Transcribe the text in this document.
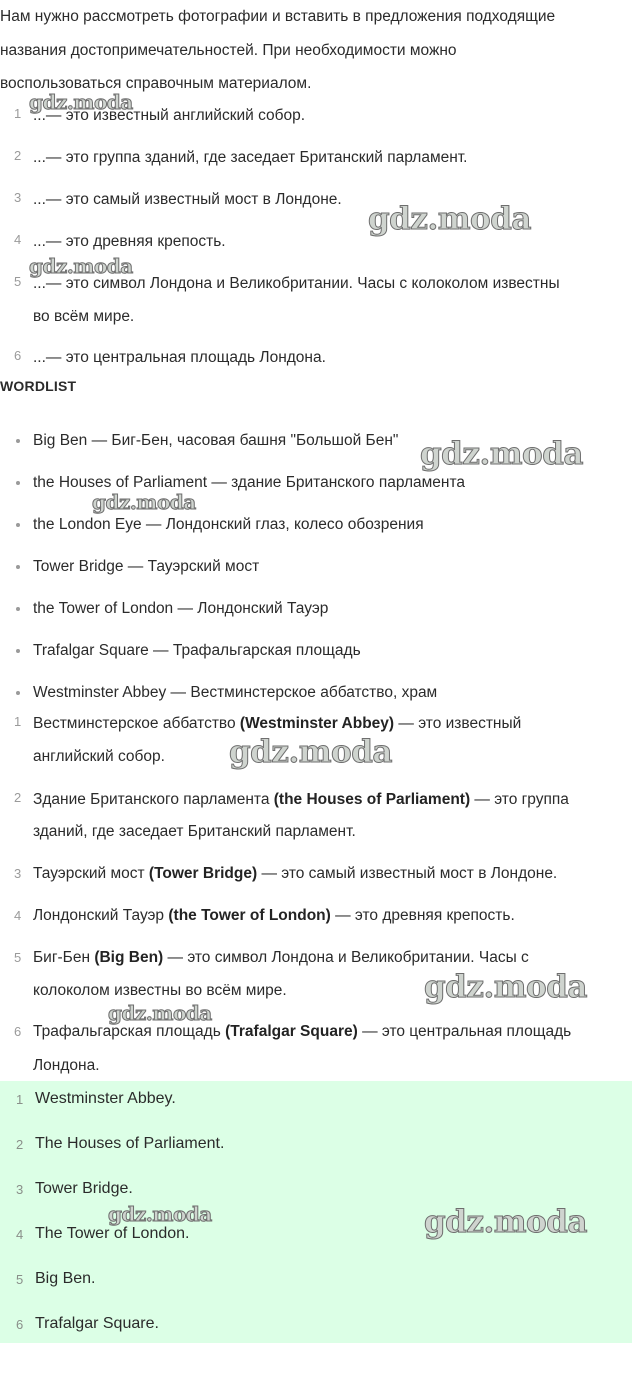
Нам нужно рассмотреть фотографии и вставить в предложения подходящие
названия достопримечательностей. При необходимости можно
воспользоваться справочным материалом.
1 ...— это известный английский собор.
2 ...— это группа зданий, где заседает Британский парламент.
3 ...— это самый известный мост в Лондоне.
4 ...— это древняя крепость.
5 ...— это символ Лондона и Великобритании. Часы с колоколом известны
во всём мире.
6 ...— это центральная площадь Лондона.
WORDLIST
Big Ben — Биг-Бен, часовая башня "Большой Бен"
the Houses of Parliament — здание Британского парламента
the London Eye — Лондонский глаз, колесо обозрения
Tower Bridge — Тауэрский мост
the Tower of London — Лондонский Тауэр
Trafalgar Square — Трафальгарская площадь
Westminster Abbey — Вестминстерское аббатство, храм
1 Вестминстерское аббатство (Westminster Abbey) — это известный
английский собор.
2 Здание Британского парламента (the Houses of Parliament) — это группа
зданий, где заседает Британский парламент.
3 Тауэрский мост (Tower Bridge) — это самый известный мост в Лондоне.
4 Лондонский Тауэр (the Tower of London) — это древняя крепость.
5 Биг-Бен (Big Ben) — это символ Лондона и Великобритании. Часы с
колоколом известны во всём мире.
6 Трафальгарская площадь (Trafalgar Square) — это центральная площадь
Лондона.
1 Westminster Abbey.
2 The Houses of Parliament.
3 Tower Bridge.
4 The Tower of London.
5 Big Ben.
6 Trafalgar Square.
gdz.moda
gdz.moda
gdz.moda
gdz.moda
gdz.moda
gdz.moda
gdz.moda
gdz.moda
gdz.moda	gdz.moda
